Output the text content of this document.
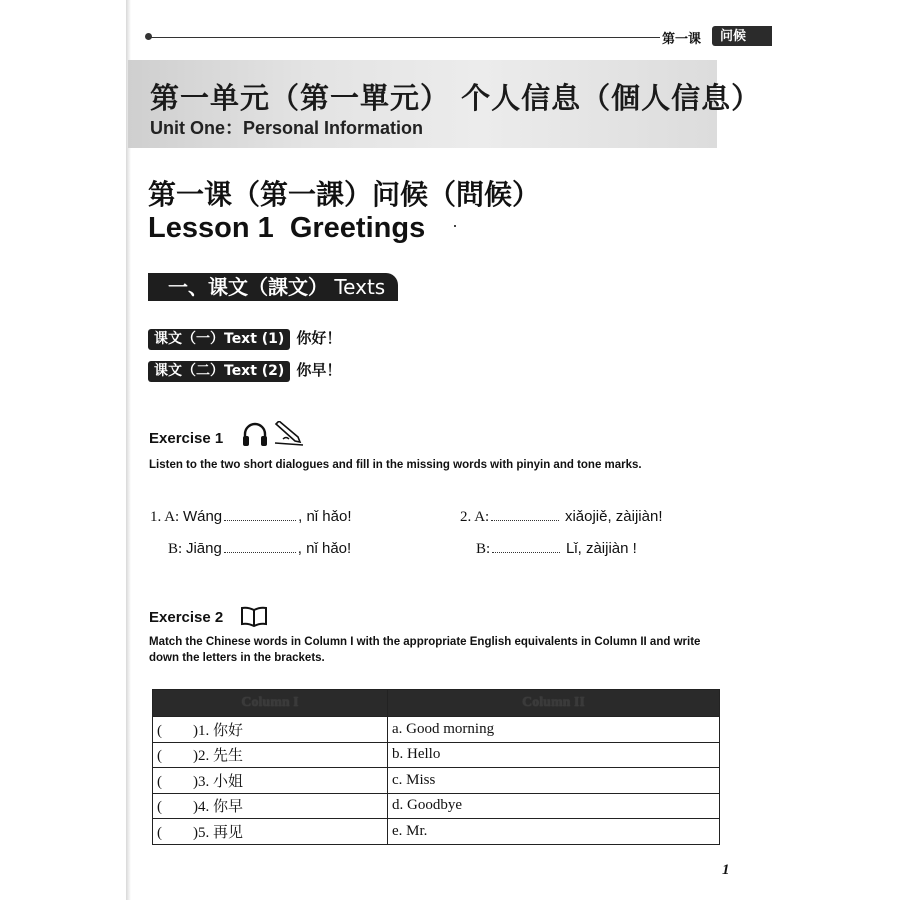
第一课	问候
第一单元（第一單元） 个人信息（個人信息）
Unit One：Personal Information
第一课（第一課）问候（問候）
Lesson 1  Greetings
一、课文（課文） Texts
课文（一）Text (1) 你好！
课文（二）Text (2) 你早！
Exercise 1
Listen to the two short dialogues and fill in the missing words with pinyin and tone marks.
1. A: Wáng	, nǐ hǎo!
B: Jiāng	, nǐ hǎo!
2. A:	xiǎojiě, zàijiàn!
B:	Lǐ, zàijiàn !
Exercise 2
Match the Chinese words in Column I with the appropriate English equivalents in Column II and write down the letters in the brackets.
Column I	Column II
( )1. 你好	a. Good morning
( )2. 先生	b. Hello
( )3. 小姐	c. Miss
( )4. 你早	d. Goodbye
( )5. 再见	e. Mr.
1
